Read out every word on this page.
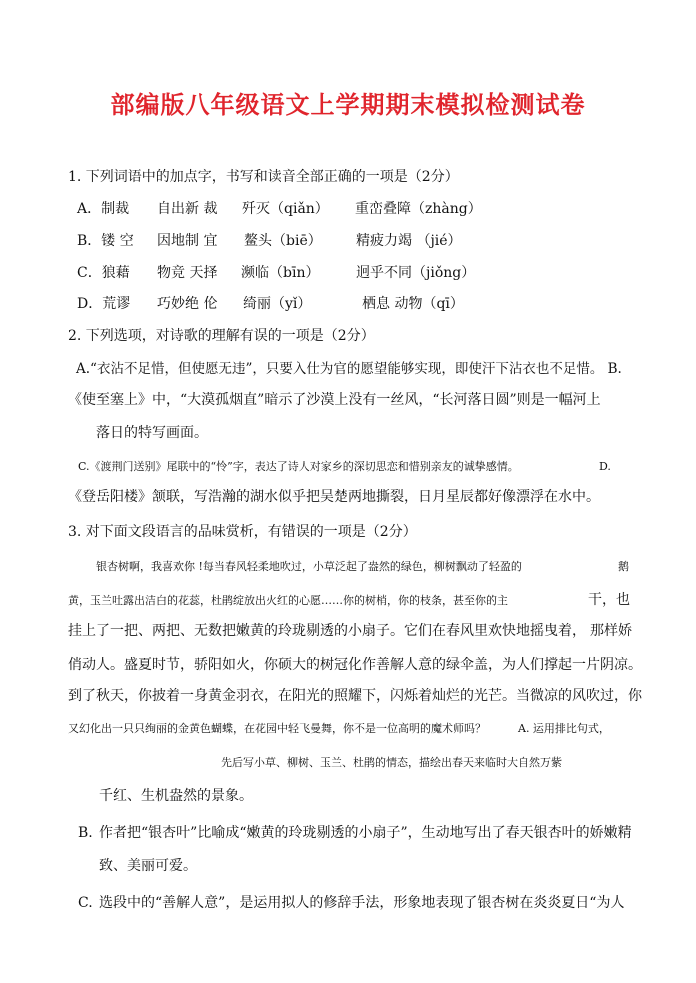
部编版八年级语文上学期期末模拟检测试卷
1. 下列词语中的加点字，书写和读音全部正确的一项是（2分）
A．制裁 自出新 裁 歼灭（qiǎn） 重峦叠障（zhàng）
B．镂 空 因地制 宜 鳌头（biē） 精疲力竭 （jié）
C．狼藉 物竞 天择 濒临（bīn）	迥乎不同（jiǒng）
D．荒谬 巧妙绝 伦 绮丽（yǐ）	栖息 动物（qī）
2. 下列选项，对诗歌的理解有误的一项是（2分）
A.“衣沾不足惜，但使愿无违”，只要入仕为官的愿望能够实现，即使汗下沾衣也不足惜。 B.
《使至塞上》中，“大漠孤烟直”暗示了沙漠上没有一丝风，“长河落日圆”则是一幅河上
落日的特写画面。
C.《渡荆门送别》尾联中的“怜”字，表达了诗人对家乡的深切思恋和惜别亲友的诚挚感情。	D.
《登岳阳楼》颔联，写浩瀚的湖水似乎把吴楚两地撕裂，日月星辰都好像漂浮在水中。
3. 对下面文段语言的品味赏析，有错误的一项是（2分）
银杏树啊，我喜欢你 !每当春风轻柔地吹过，小草泛起了盎然的绿色，柳树飘动了轻盈的	鹅
黄，玉兰吐露出洁白的花蕊，杜鹃绽放出火红的心愿……你的树梢，你的枝条，甚至你的主	干，也
挂上了一把、两把、无数把嫩黄的玲珑剔透的小扇子。它们在春风里欢快地摇曳着， 那样娇
俏动人。盛夏时节，骄阳如火，你硕大的树冠化作善解人意的绿伞盖，为人们撑起一片阴凉。
到了秋天，你披着一身黄金羽衣，在阳光的照耀下，闪烁着灿烂的光芒。当微凉的风吹过，你
又幻化出一只只绚丽的金黄色蝴蝶，在花园中轻飞曼舞，你不是一位高明的魔术师吗？	A. 运用排比句式，
先后写小草、柳树、玉兰、杜鹃的情态，描绘出春天来临时大自然万紫
千红、生机盎然的景象。
B. 作者把“银杏叶”比喻成“嫩黄的玲珑剔透的小扇子”，生动地写出了春天银杏叶的娇嫩精
致、美丽可爱。
C. 选段中的“善解人意”，是运用拟人的修辞手法，形象地表现了银杏树在炎炎夏日“为人
